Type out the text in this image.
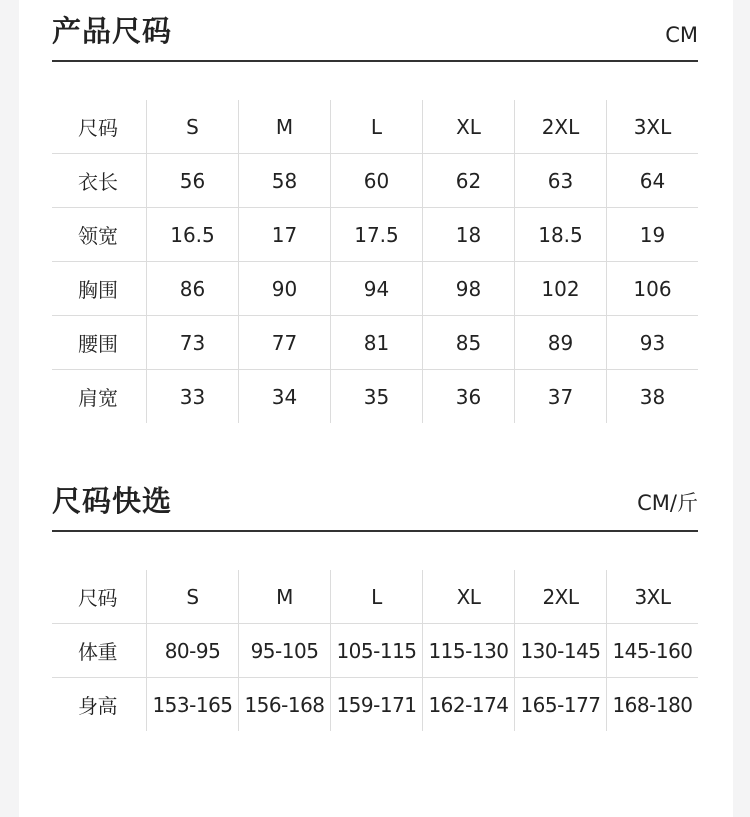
产品尺码	CM
尺码	S	M	L	XL	2XL	3XL
衣长	56	58	60	62	63	64
领宽	16.5	17	17.5	18	18.5	19
胸围	86	90	94	98	102	106
腰围	73	77	81	85	89	93
肩宽	33	34	35	36	37	38
尺码快选	CM/斤
尺码	S	M	L	XL	2XL	3XL
体重	80-95	95-105 105-115 115-130 130-145 145-160
身高	153-165 156-168 159-171 162-174 165-177 168-180
